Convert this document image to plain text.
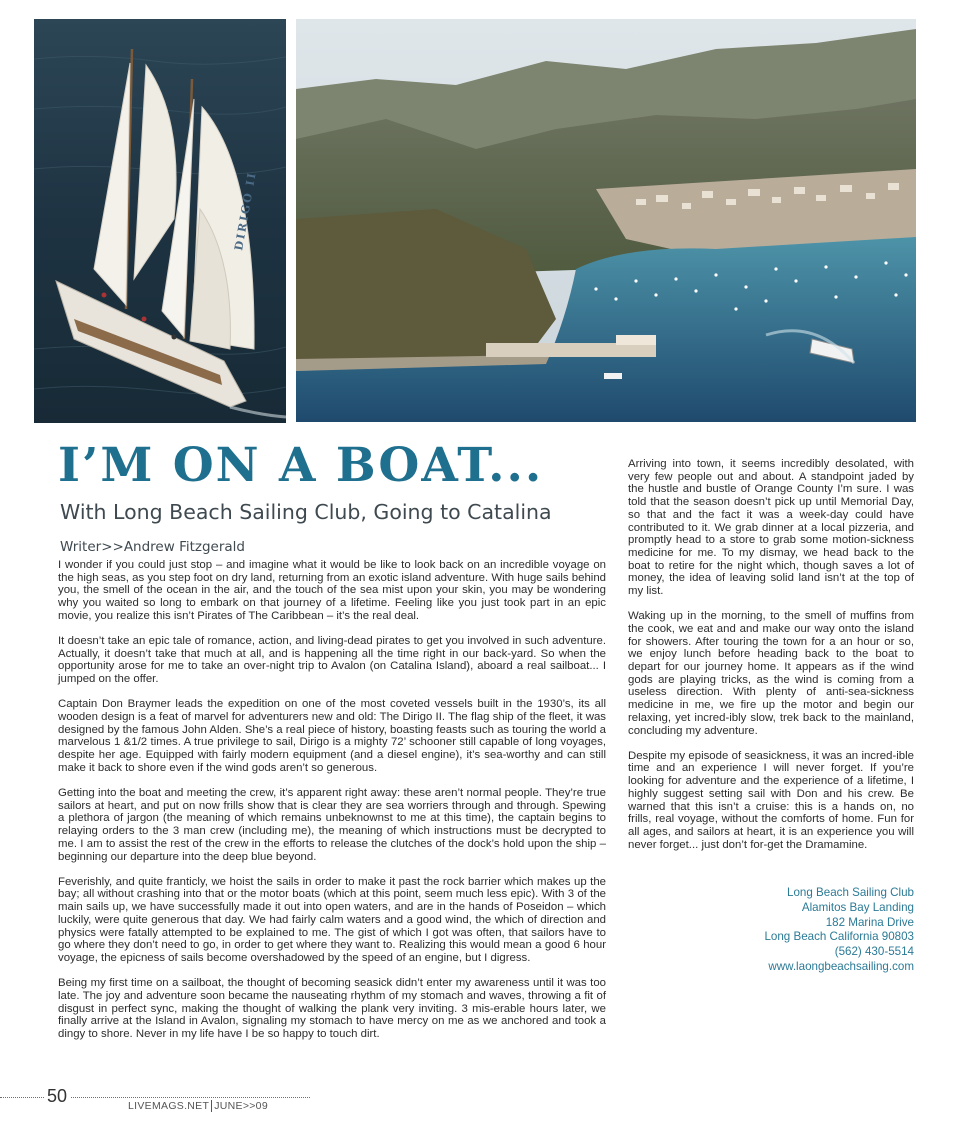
DIRIGO II
I’M ON A BOAT...
With Long Beach Sailing Club, Going to Catalina
Writer>>Andrew Fitzgerald

I wonder if you could just stop – and imagine what it would be like to look back on an incredible voyage on the high seas, as you step foot on dry land, returning from an exotic island adventure. With huge sails behind you, the smell of the ocean in the air, and the touch of the sea mist upon your skin, you may be wondering why you waited so long to embark on that journey of a lifetime. Feeling like you just took part in an epic movie, you realize this isn’t Pirates of The Caribbean – it’s the real deal.

It doesn’t take an epic tale of romance, action, and living-dead pirates to get you involved in such adventure. Actually, it doesn’t take that much at all, and is happening all the time right in our back-yard. So when the opportunity arose for me to take an over-night trip to Avalon (on Catalina Island), aboard a real sailboat... I jumped on the offer.

Captain Don Braymer leads the expedition on one of the most coveted vessels built in the 1930’s, its all wooden design is a feat of marvel for adventurers new and old: The Dirigo II. The flag ship of the fleet, it was designed by the famous John Alden. She’s a real piece of history, boasting feasts such as touring the world a marvelous 1 &1/2 times. A true privilege to sail, Dirigo is a mighty 72’ schooner still capable of long voyages, despite her age. Equipped with fairly modern equipment (and a diesel engine), it’s sea-worthy and can still make it back to shore even if the wind gods aren’t so generous.

Getting into the boat and meeting the crew, it’s apparent right away: these aren’t normal people. They’re true sailors at heart, and put on now frills show that is clear they are sea worriers through and through. Spewing a plethora of jargon (the meaning of which remains unbeknownst to me at this time), the captain begins to relaying orders to the 3 man crew (including me), the meaning of which instructions must be decrypted to me. I am to assist the rest of the crew in the efforts to release the clutches of the dock’s hold upon the ship – beginning our departure into the deep blue beyond.

Feverishly, and quite franticly, we hoist the sails in order to make it past the rock barrier which makes up the bay; all without crashing into that or the motor boats (which at this point, seem much less epic). With 3 of the main sails up, we have successfully made it out into open waters, and are in the hands of Poseidon – which luckily, were quite generous that day. We had fairly calm waters and a good wind, the which of direction and physics were fatally attempted to be explained to me. The gist of which I got was often, that sailors have to go where they don’t need to go, in order to get where they want to. Realizing this would mean a good 6 hour voyage, the epicness of sails become overshadowed by the speed of an engine, but I digress.

Being my first time on a sailboat, the thought of becoming seasick didn’t enter my awareness until it was too late. The joy and adventure soon became the nauseating rhythm of my stomach and waves, throwing a fit of disgust in perfect sync, making the thought of walking the plank very inviting. 3 mis-erable hours later, we finally arrive at the Island in Avalon, signaling my stomach to have mercy on me as we anchored and took a dingy to shore. Never in my life have I be so happy to touch dirt.

Arriving into town, it seems incredibly desolated, with very few people out and about. A standpoint jaded by the hustle and bustle of Orange County I’m sure. I was told that the season doesn’t pick up until Memorial Day, so that and the fact it was a week-day could have contributed to it. We grab dinner at a local pizzeria, and promptly head to a store to grab some motion-sickness medicine for me. To my dismay, we head back to the boat to retire for the night which, though saves a lot of money, the idea of leaving solid land isn’t at the top of my list.

Waking up in the morning, to the smell of muffins from the cook, we eat and and make our way onto the island for showers. After touring the town for a an hour or so, we enjoy lunch before heading back to the boat to depart for our journey home. It appears as if the wind gods are playing tricks, as the wind is coming from a useless direction. With plenty of anti-sea-sickness medicine in me, we fire up the motor and begin our relaxing, yet incred-ibly slow, trek back to the mainland, concluding my adventure.

Despite my episode of seasickness, it was an incred-ible time and an experience I will never forget. If you’re looking for adventure and the experience of a lifetime, I highly suggest setting sail with Don and his crew. Be warned that this isn’t a cruise: this is a hands on, no frills, real voyage, without the comforts of home. Fun for all ages, and sailors at heart, it is an experience you will never forget... just don’t for-get the Dramamine.

Long Beach Sailing Club
Alamitos Bay Landing
182 Marina Drive
Long Beach California 90803
(562) 430-5514
www.laongbeachsailing.com
50	LIVEMAGS.NET JUNE>>09
